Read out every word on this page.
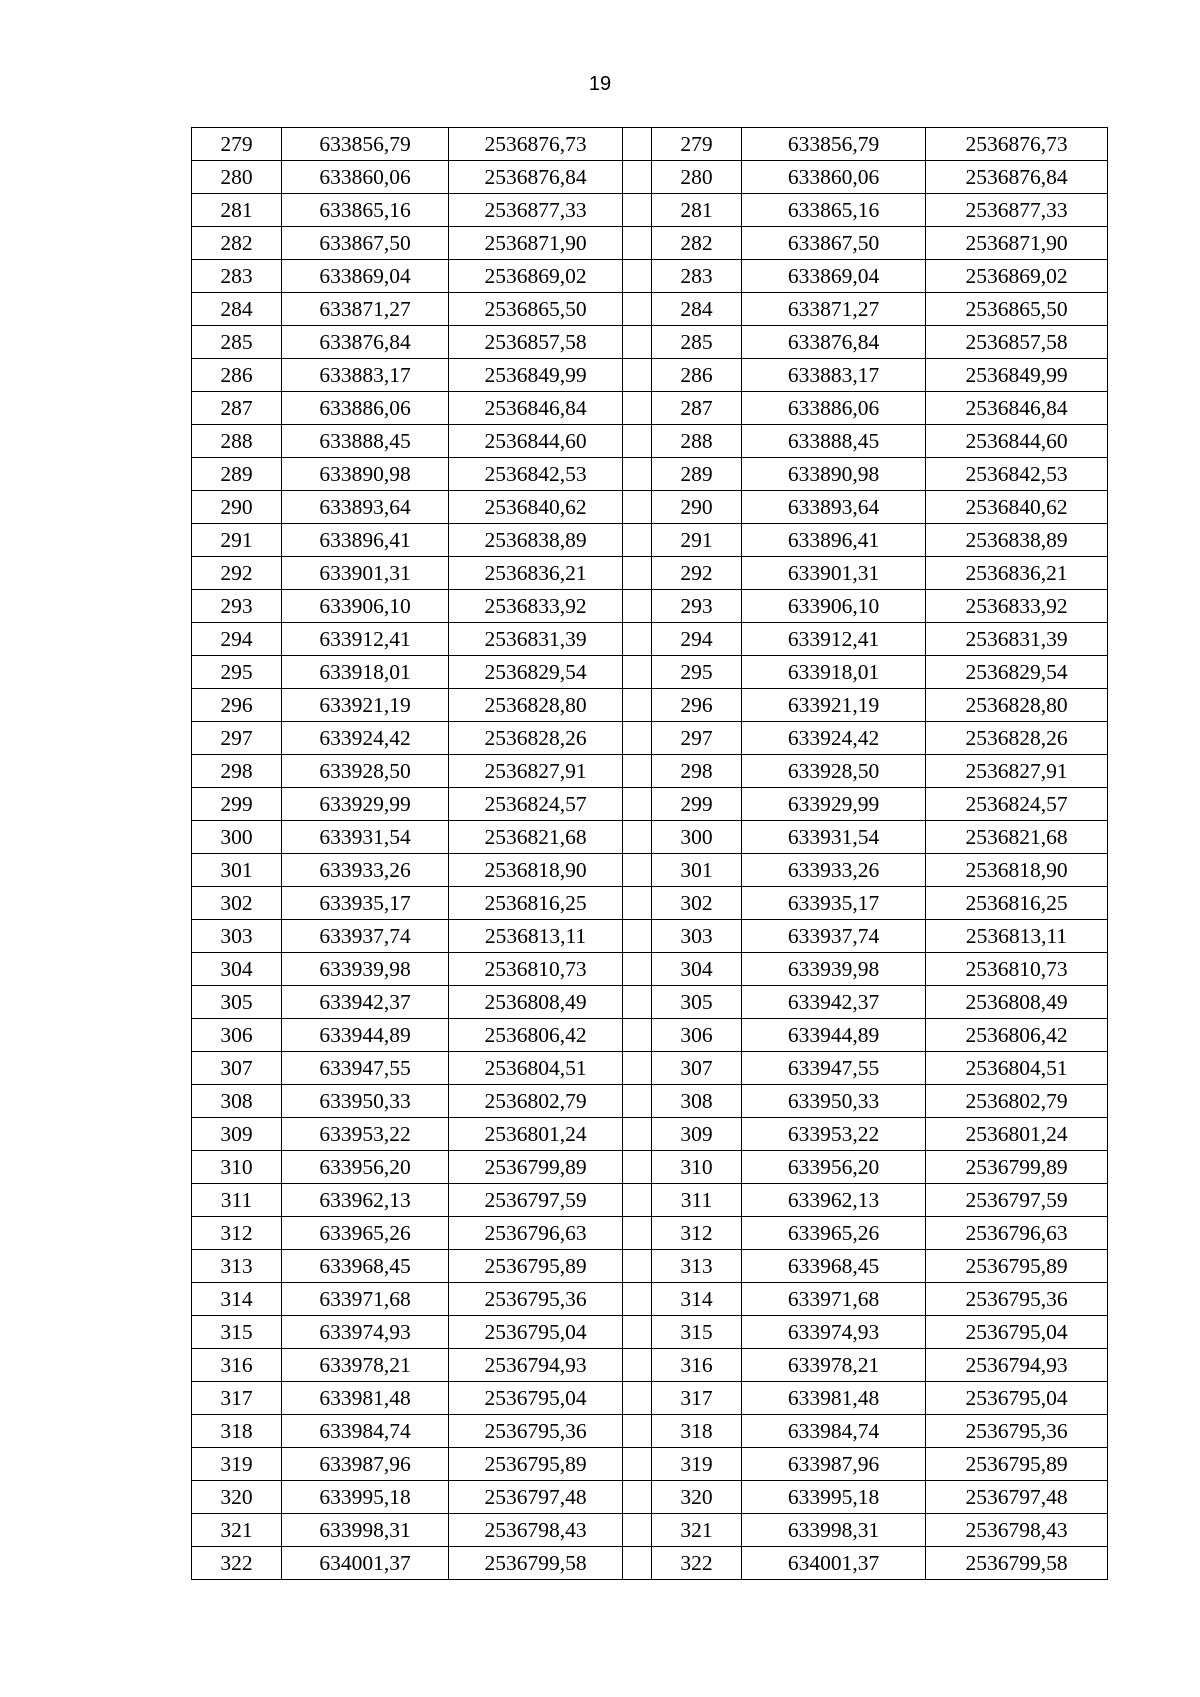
19
279	633856,79	2536876,73		279	633856,79	2536876,73
280	633860,06	2536876,84		280	633860,06	2536876,84
281	633865,16	2536877,33		281	633865,16	2536877,33
282	633867,50	2536871,90		282	633867,50	2536871,90
283	633869,04	2536869,02		283	633869,04	2536869,02
284	633871,27	2536865,50		284	633871,27	2536865,50
285	633876,84	2536857,58		285	633876,84	2536857,58
286	633883,17	2536849,99		286	633883,17	2536849,99
287	633886,06	2536846,84		287	633886,06	2536846,84
288	633888,45	2536844,60		288	633888,45	2536844,60
289	633890,98	2536842,53		289	633890,98	2536842,53
290	633893,64	2536840,62		290	633893,64	2536840,62
291	633896,41	2536838,89		291	633896,41	2536838,89
292	633901,31	2536836,21		292	633901,31	2536836,21
293	633906,10	2536833,92		293	633906,10	2536833,92
294	633912,41	2536831,39		294	633912,41	2536831,39
295	633918,01	2536829,54		295	633918,01	2536829,54
296	633921,19	2536828,80		296	633921,19	2536828,80
297	633924,42	2536828,26		297	633924,42	2536828,26
298	633928,50	2536827,91		298	633928,50	2536827,91
299	633929,99	2536824,57		299	633929,99	2536824,57
300	633931,54	2536821,68		300	633931,54	2536821,68
301	633933,26	2536818,90		301	633933,26	2536818,90
302	633935,17	2536816,25		302	633935,17	2536816,25
303	633937,74	2536813,11		303	633937,74	2536813,11
304	633939,98	2536810,73		304	633939,98	2536810,73
305	633942,37	2536808,49		305	633942,37	2536808,49
306	633944,89	2536806,42		306	633944,89	2536806,42
307	633947,55	2536804,51		307	633947,55	2536804,51
308	633950,33	2536802,79		308	633950,33	2536802,79
309	633953,22	2536801,24		309	633953,22	2536801,24
310	633956,20	2536799,89		310	633956,20	2536799,89
311	633962,13	2536797,59		311	633962,13	2536797,59
312	633965,26	2536796,63		312	633965,26	2536796,63
313	633968,45	2536795,89		313	633968,45	2536795,89
314	633971,68	2536795,36		314	633971,68	2536795,36
315	633974,93	2536795,04		315	633974,93	2536795,04
316	633978,21	2536794,93		316	633978,21	2536794,93
317	633981,48	2536795,04		317	633981,48	2536795,04
318	633984,74	2536795,36		318	633984,74	2536795,36
319	633987,96	2536795,89		319	633987,96	2536795,89
320	633995,18	2536797,48		320	633995,18	2536797,48
321	633998,31	2536798,43		321	633998,31	2536798,43
322	634001,37	2536799,58		322	634001,37	2536799,58
